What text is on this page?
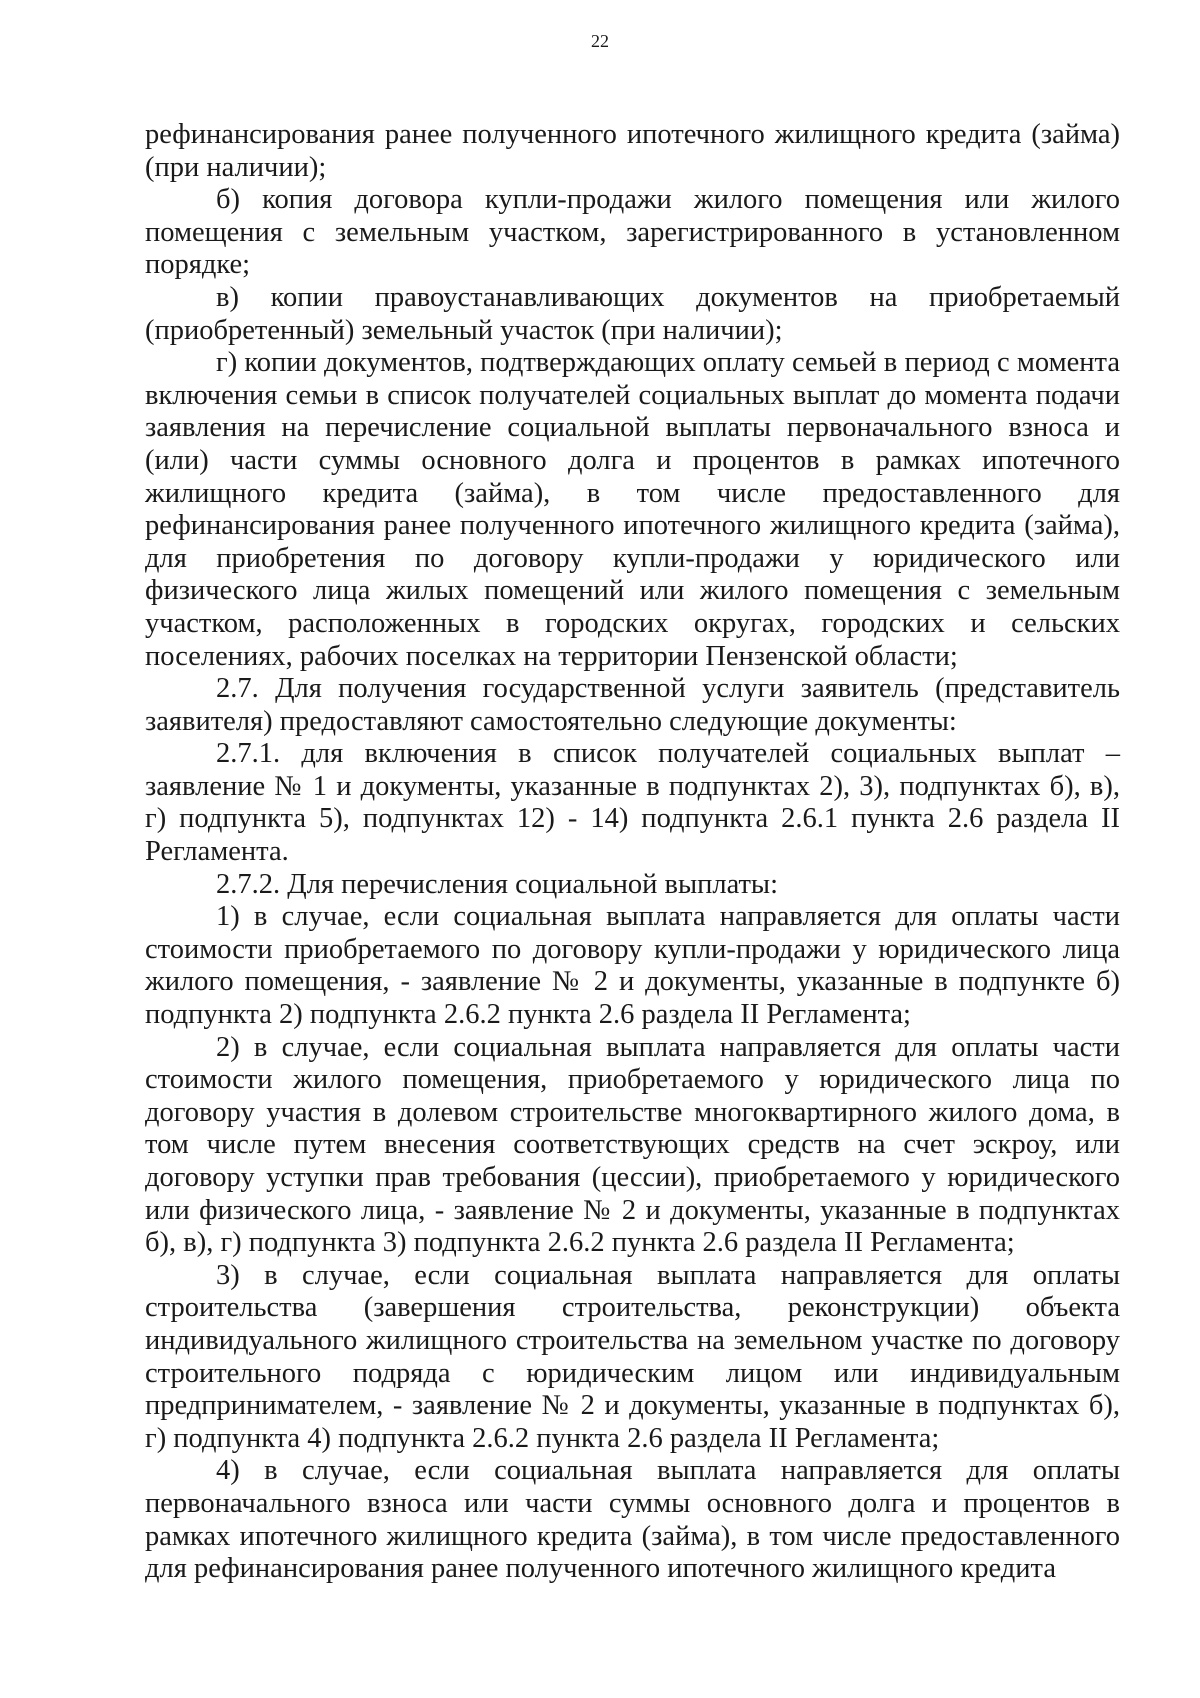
22

рефинансирования ранее полученного ипотечного жилищного кредита (займа) (при наличии);

б) копия договора купли-продажи жилого помещения или жилого помещения с земельным участком, зарегистрированного в установленном порядке;

в) копии правоустанавливающих документов на приобретаемый (приобретенный) земельный участок (при наличии);

г) копии документов, подтверждающих оплату семьей в период с момента включения семьи в список получателей социальных выплат до момента подачи заявления на перечисление социальной выплаты первоначального взноса и (или) части суммы основного долга и процентов в рамках ипотечного жилищного кредита (займа), в том числе предоставленного для рефинансирования ранее полученного ипотечного жилищного кредита (займа), для приобретения по договору купли-продажи у юридического или физического лица жилых помещений или жилого помещения с земельным участком, расположенных в городских округах, городских и сельских поселениях, рабочих поселках на территории Пензенской области;

2.7. Для получения государственной услуги заявитель (представитель заявителя) предоставляют самостоятельно следующие документы:

2.7.1. для включения в список получателей социальных выплат – заявление № 1 и документы, указанные в подпунктах 2), 3), подпунктах б), в), г) подпункта 5), подпунктах 12) - 14) подпункта 2.6.1 пункта 2.6 раздела II Регламента.

2.7.2. Для перечисления социальной выплаты:

1) в случае, если социальная выплата направляется для оплаты части стоимости приобретаемого по договору купли-продажи у юридического лица жилого помещения, - заявление № 2 и документы, указанные в подпункте б) подпункта 2) подпункта 2.6.2 пункта 2.6 раздела II Регламента;

2) в случае, если социальная выплата направляется для оплаты части стоимости жилого помещения, приобретаемого у юридического лица по договору участия в долевом строительстве многоквартирного жилого дома, в том числе путем внесения соответствующих средств на счет эскроу, или договору уступки прав требования (цессии), приобретаемого у юридического или физического лица, - заявление № 2 и документы, указанные в подпунктах б), в), г) подпункта 3) подпункта 2.6.2 пункта 2.6 раздела II Регламента;

3) в случае, если социальная выплата направляется для оплаты строительства (завершения строительства, реконструкции) объекта индивидуального жилищного строительства на земельном участке по договору строительного подряда с юридическим лицом или индивидуальным предпринимателем, - заявление № 2 и документы, указанные в подпунктах б), г) подпункта 4) подпункта 2.6.2 пункта 2.6 раздела II Регламента;

4) в случае, если социальная выплата направляется для оплаты первоначального взноса или части суммы основного долга и процентов в рамках ипотечного жилищного кредита (займа), в том числе предоставленного для рефинансирования ранее полученного ипотечного жилищного кредита
